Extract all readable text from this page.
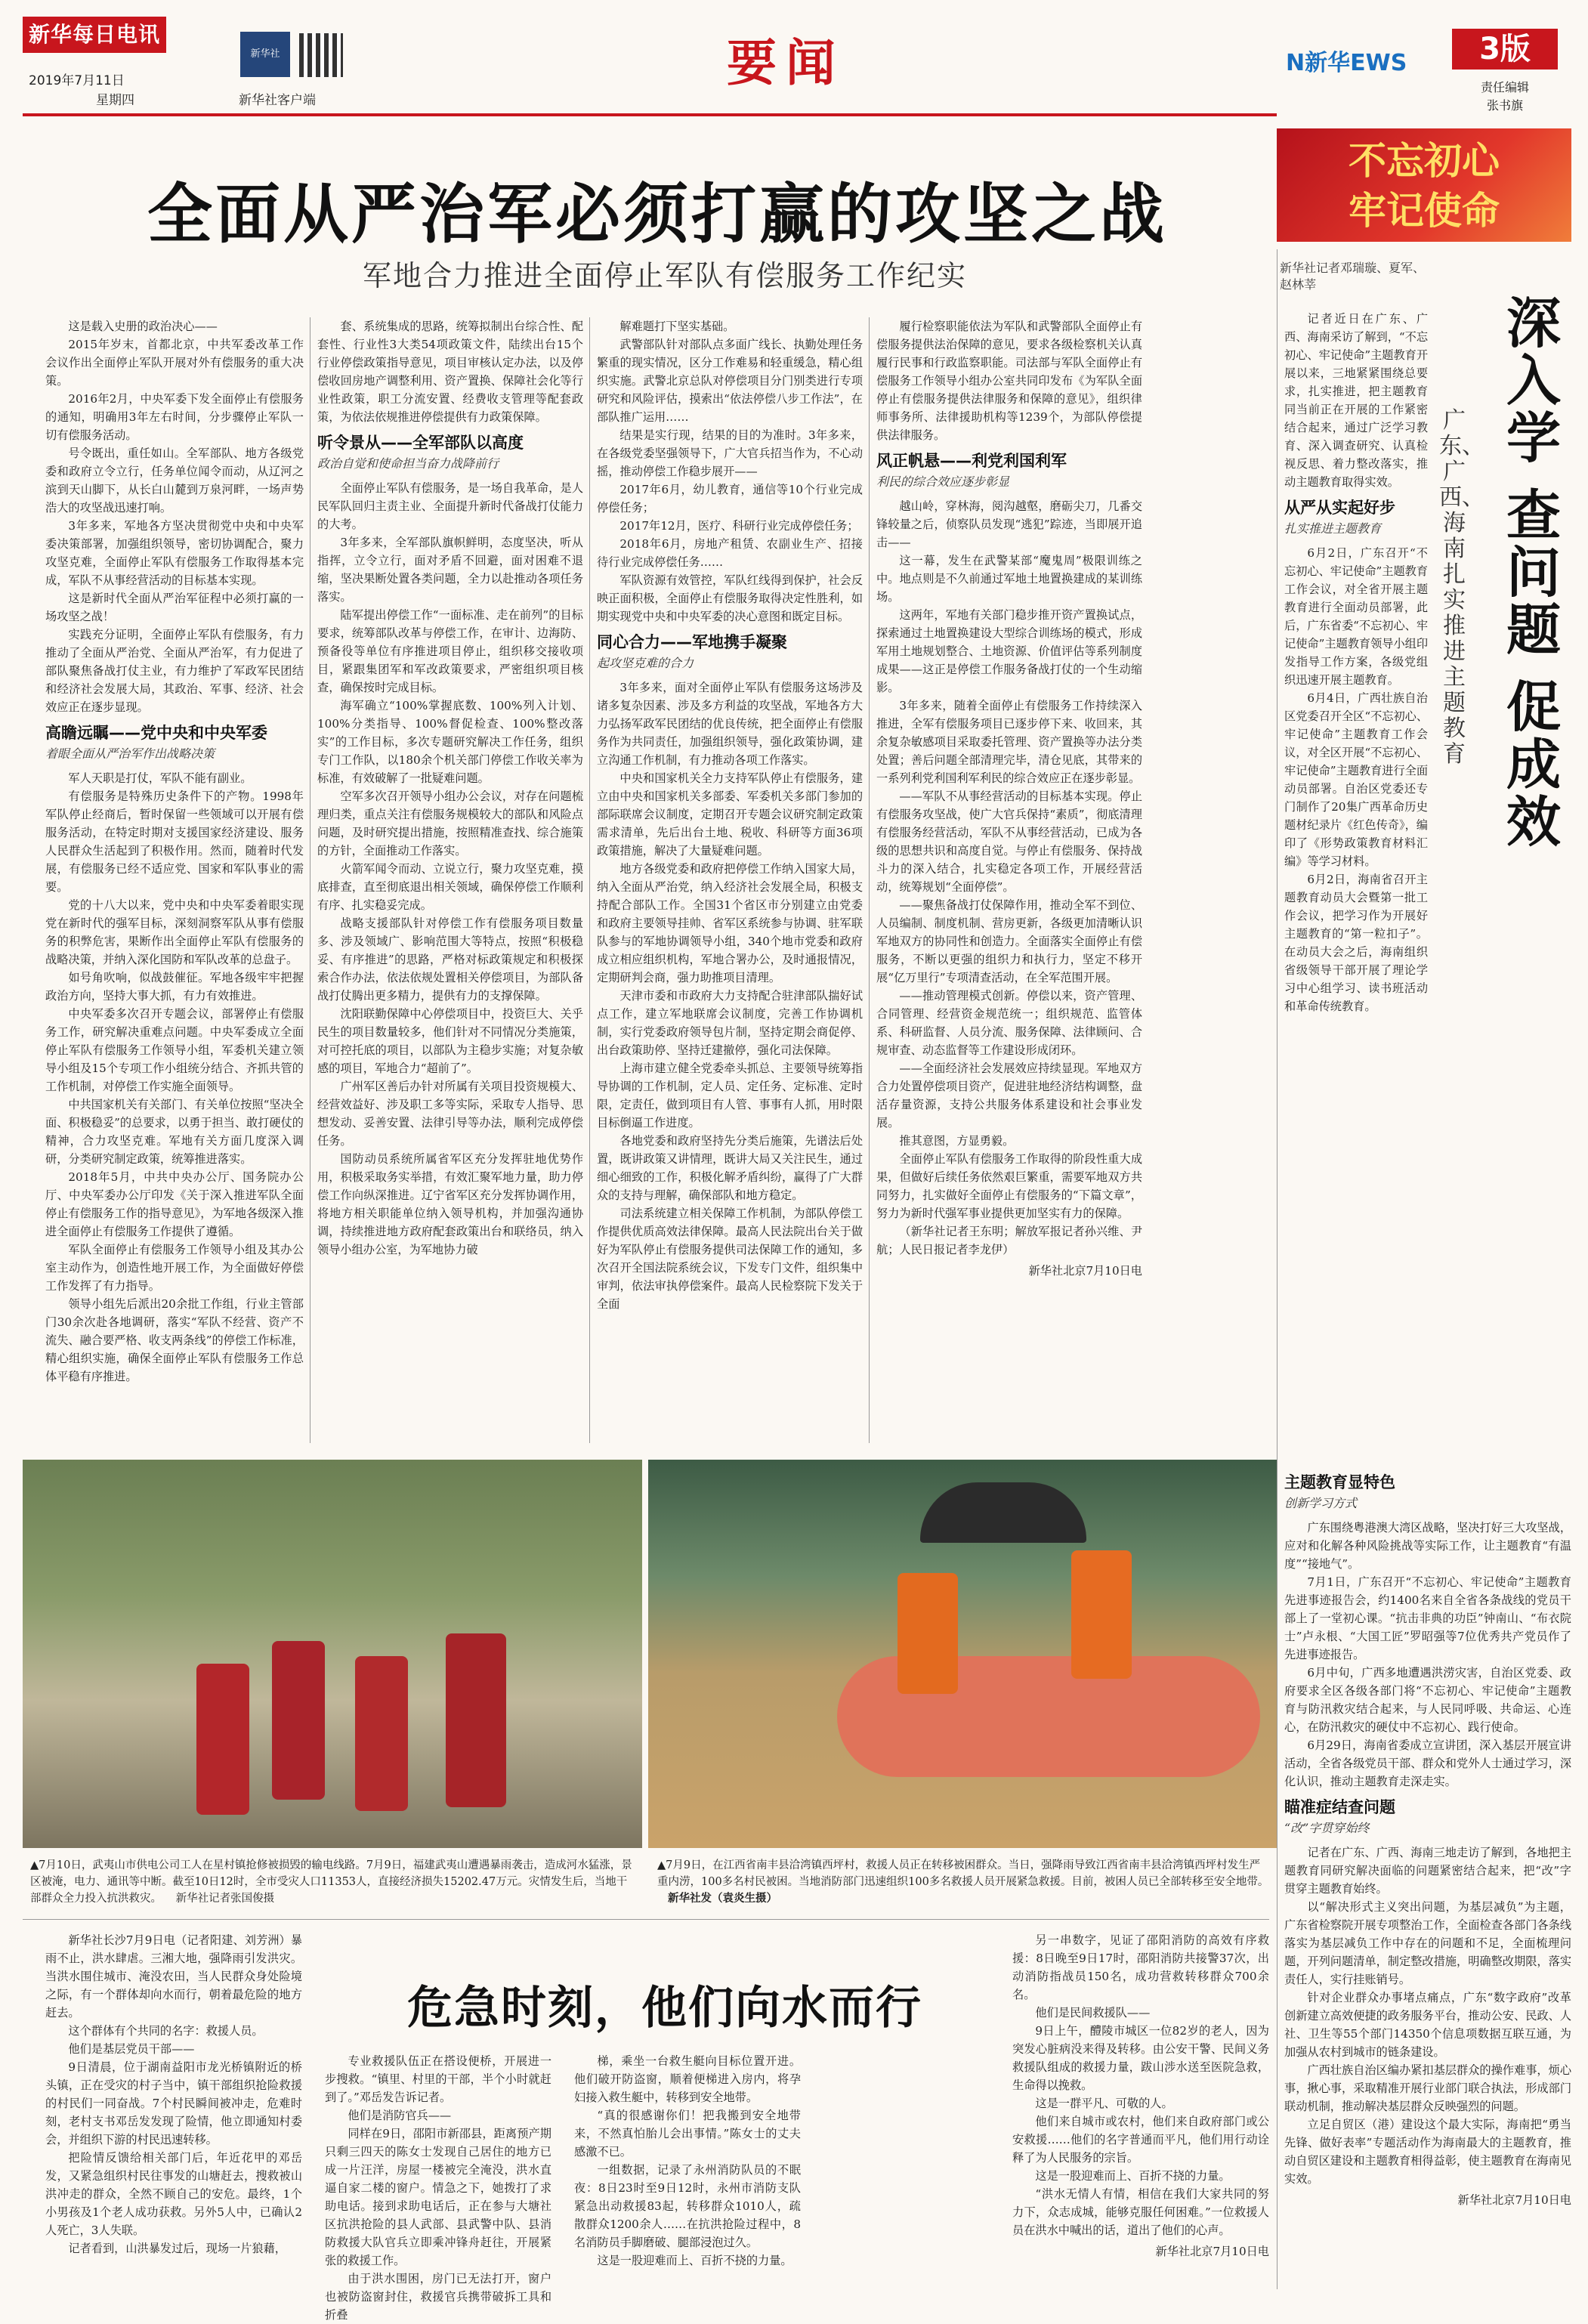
新华每日电讯
2019年7月11日
星期四
新华社
新华社客户端
要闻	N新华EWS	3版
责任编辑
张书旗
不忘初心
牢记使命
全面从严治军必须打赢的攻坚之战
军地合力推进全面停止军队有偿服务工作纪实

这是载入史册的政治决心——

2015年岁末，首都北京，中共军委改革工作会议作出全面停止军队开展对外有偿服务的重大决策。

2016年2月，中央军委下发全面停止有偿服务的通知，明确用3年左右时间，分步骤停止军队一切有偿服务活动。

号令既出，重任如山。全军部队、地方各级党委和政府立令立行，任务单位闻令而动，从辽河之滨到天山脚下，从长白山麓到万泉河畔，一场声势浩大的攻坚战迅速打响。

3年多来，军地各方坚决贯彻党中央和中央军委决策部署，加强组织领导，密切协调配合，聚力攻坚克难，全面停止军队有偿服务工作取得基本完成，军队不从事经营活动的目标基本实现。

这是新时代全面从严治军征程中必须打赢的一场攻坚之战！

实践充分证明，全面停止军队有偿服务，有力推动了全面从严治党、全面从严治军，有力促进了部队聚焦备战打仗主业，有力维护了军政军民团结和经济社会发展大局，其政治、军事、经济、社会效应正在逐步显现。

高瞻远瞩——党中央和中央军委
着眼全面从严治军作出战略决策

军人天职是打仗，军队不能有副业。

有偿服务是特殊历史条件下的产物。1998年军队停止经商后，暂时保留一些领域可以开展有偿服务活动，在特定时期对支援国家经济建设、服务人民群众生活起到了积极作用。然而，随着时代发展，有偿服务已经不适应党、国家和军队事业的需要。

党的十八大以来，党中央和中央军委着眼实现党在新时代的强军目标，深刻洞察军队从事有偿服务的积弊危害，果断作出全面停止军队有偿服务的战略决策，并纳入深化国防和军队改革的总盘子。

如号角吹响，似战鼓催征。军地各级牢牢把握政治方向，坚持大事大抓，有力有效推进。

中央军委多次召开专题会议，部署停止有偿服务工作，研究解决重难点问题。中央军委成立全面停止军队有偿服务工作领导小组，军委机关建立领导小组及15个专项工作小组统分结合、齐抓共管的工作机制，对停偿工作实施全面领导。

中共国家机关有关部门、有关单位按照“坚决全面、积极稳妥”的总要求，以勇于担当、敢打硬仗的精神，合力攻坚克难。军地有关方面几度深入调研，分类研究制定政策，统筹推进落实。

2018年5月，中共中央办公厅、国务院办公厅、中央军委办公厅印发《关于深入推进军队全面停止有偿服务工作的指导意见》，为军地各级深入推进全面停止有偿服务工作提供了遵循。

军队全面停止有偿服务工作领导小组及其办公室主动作为，创造性地开展工作，为全面做好停偿工作发挥了有力指导。

领导小组先后派出20余批工作组，行业主管部门30余次赴各地调研，落实“军队不经营、资产不流失、融合要严格、收支两条线”的停偿工作标准，精心组织实施，确保全面停止军队有偿服务工作总体平稳有序推进。

套、系统集成的思路，统筹拟制出台综合性、配套性、行业性3大类54项政策文件，陆续出台15个行业停偿政策指导意见，项目审核认定办法，以及停偿收回房地产调整利用、资产置换、保障社会化等行业性政策，职工分流安置、经费收支管理等配套政策，为依法依规推进停偿提供有力政策保障。

听令景从——全军部队以高度
政治自觉和使命担当奋力战降前行

全面停止军队有偿服务，是一场自我革命，是人民军队回归主责主业、全面提升新时代备战打仗能力的大考。

3年多来，全军部队旗帜鲜明，态度坚决，听从指挥，立令立行，面对矛盾不回避，面对困难不退缩，坚决果断处置各类问题，全力以赴推动各项任务落实。

陆军提出停偿工作“一面标准、走在前列”的目标要求，统筹部队改革与停偿工作，在审计、边海防、预备役等单位有序推进项目停止，组织移交接收项目，紧跟集团军和军改政策要求，严密组织项目核查，确保按时完成目标。

海军确立“100%掌握底数、100%列入计划、100%分类指导、100%督促检查、100%整改落实”的工作目标，多次专题研究解决工作任务，组织专门工作队，以180余个机关部门停偿工作收关率为标准，有效破解了一批疑难问题。

空军多次召开领导小组办公会议，对存在问题梳理归类，重点关注有偿服务规模较大的部队和风险点问题，及时研究提出措施，按照精准查找、综合施策的方针，全面推动工作落实。

火箭军闻令而动、立说立行，聚力攻坚克难，摸底排查，直至彻底退出相关领域，确保停偿工作顺利有序、扎实稳妥完成。

战略支援部队针对停偿工作有偿服务项目数量多、涉及领域广、影响范围大等特点，按照“积极稳妥、有序推进”的思路，严格对标政策规定和积极探索合作办法，依法依规处置相关停偿项目，为部队备战打仗腾出更多精力，提供有力的支撑保障。

沈阳联勤保障中心停偿项目中，投资巨大、关乎民生的项目数量较多，他们针对不同情况分类施策，对可控托底的项目，以部队为主稳步实施；对复杂敏感的项目，军地合力“超前了”。

广州军区善后办针对所属有关项目投资规模大、经营效益好、涉及职工多等实际，采取专人指导、思想发动、妥善安置、法律引导等办法，顺利完成停偿任务。

国防动员系统所属省军区充分发挥驻地优势作用，积极采取务实举措，有效汇聚军地力量，助力停偿工作向纵深推进。辽宁省军区充分发挥协调作用，将地方相关职能单位纳入领导机构，并加强沟通协调，持续推进地方政府配套政策出台和联络员，纳入领导小组办公室，为军地协力破

解难题打下坚实基础。

武警部队针对部队点多面广线长、执勤处理任务繁重的现实情况，区分工作难易和轻重缓急，精心组织实施。武警北京总队对停偿项目分门别类进行专项研究和风险评估，摸索出“依法停偿八步工作法”，在部队推广运用……

结果是实行现，结果的目的为准时。3年多来，在各级党委坚强领导下，广大官兵招当作为，不心动摇，推动停偿工作稳步展开——

2017年6月，幼儿教育，通信等10个行业完成停偿任务；

2017年12月，医疗、科研行业完成停偿任务；

2018年6月，房地产租赁、农副业生产、招接待行业完成停偿任务……

军队资源有效管控，军队红线得到保护，社会反映正面积极，全面停止有偿服务取得决定性胜利，如期实现党中央和中央军委的决心意图和既定目标。

同心合力——军地携手凝聚
起攻坚克难的合力

3年多来，面对全面停止军队有偿服务这场涉及诸多复杂因素、涉及多方利益的攻坚战，军地各方大力弘扬军政军民团结的优良传统，把全面停止有偿服务作为共同责任，加强组织领导，强化政策协调，建立沟通工作机制，有力推动各项工作落实。

中央和国家机关全力支持军队停止有偿服务，建立由中央和国家机关多部委、军委机关多部门参加的部际联席会议制度，定期召开专题会议研究制定政策需求清单，先后出台土地、税收、科研等方面36项政策措施，解决了大量疑难问题。

地方各级党委和政府把停偿工作纳入国家大局，纳入全面从严治党，纳入经济社会发展全局，积极支持配合部队工作。全国31个省区市分别建立由党委和政府主要领导挂帅、省军区系统参与协调、驻军联队参与的军地协调领导小组，340个地市党委和政府成立相应组织机构，军地合署办公，及时通报情况，定期研判会商，强力助推项目清理。

天津市委和市政府大力支持配合驻津部队揣好试点工作，建立军地联席会议制度，完善工作协调机制，实行党委政府领导包片制，坚持定期会商促停、出台政策助停、坚持迁建撤停，强化司法保障。

上海市建立健全党委牵头抓总、主要领导统筹指导协调的工作机制，定人员、定任务、定标准、定时限，定责任，做到项目有人管、事事有人抓，用时限目标倒逼工作进度。

各地党委和政府坚持先分类后施策，先谱法后处置，既讲政策又讲情理，既讲大局又关注民生，通过细心细致的工作，积极化解矛盾纠纷，赢得了广大群众的支持与理解，确保部队和地方稳定。

司法系统建立相关保障工作机制，为部队停偿工作提供优质高效法律保障。最高人民法院出台关于做好为军队停止有偿服务提供司法保障工作的通知，多次召开全国法院系统会议，下发专门文件，组织集中审判，依法审执停偿案件。最高人民检察院下发关于全面

履行检察职能依法为军队和武警部队全面停止有偿服务提供法治保障的意见，要求各级检察机关认真履行民事和行政监察职能。司法部与军队全面停止有偿服务工作领导小组办公室共同印发布《为军队全面停止有偿服务提供法律服务和保障的意见》，组织律师事务所、法律援助机构等1239个，为部队停偿提供法律服务。

风正帆悬——利党利国利军
利民的综合效应逐步彰显

越山岭，穿林海，阅沟越壑，磨砺尖刀，几番交锋较量之后，侦察队员发现“逃犯”踪迹，当即展开追击——

这一幕，发生在武警某部“魔鬼周”极限训练之中。地点则是不久前通过军地土地置换建成的某训练场。

这两年，军地有关部门稳步推开资产置换试点，探索通过土地置换建设大型综合训练场的模式，形成军用土地规划整合、土地资源、价值评估等系列制度成果——这正是停偿工作服务备战打仗的一个生动缩影。

3年多来，随着全面停止有偿服务工作持续深入推进，全军有偿服务项目已逐步停下来、收回来，其余复杂敏感项目采取委托管理、资产置换等办法分类处置；善后问题全部清理完毕，清仓见底，其带来的一系列利党利国利军利民的综合效应正在逐步彰显。

——军队不从事经营活动的目标基本实现。停止有偿服务攻坚战，使广大官兵保持“素质”，彻底清理有偿服务经营活动，军队不从事经营活动，已成为各级的思想共识和高度自觉。与停止有偿服务、保持战斗力的深入结合，扎实稳定各项工作，开展经营活动，统筹规划“全面停偿”。

——聚焦备战打仗保障作用，推动全军不到位、人员编制、制度机制、营房更新，各级更加清晰认识军地双方的协同性和创造力。全面落实全面停止有偿服务，不断以更强的组织力和执行力，坚定不移开展“亿万里行”专项清查活动，在全军范围开展。

——推动管理模式创新。停偿以来，资产管理、合同管理、经营资金规范统一；组织规范、监管体系、科研监督、人员分流、服务保障、法律顾问、合规审查、动态监督等工作建设形成闭环。

——全面经济社会发展效应持续显现。军地双方合力处置停偿项目资产，促进驻地经济结构调整，盘活存量资源，支持公共服务体系建设和社会事业发展。

推其意图，方显勇毅。

全面停止军队有偿服务工作取得的阶段性重大成果，但做好后续任务依然艰巨繁重，需要军地双方共同努力，扎实做好全面停止有偿服务的“下篇文章”，努力为新时代强军事业提供更加坚实有力的保障。

（新华社记者王东明；解放军报记者孙兴维、尹航；人民日报记者李龙伊）

新华社北京7月10日电

新华社记者邓瑞璇、夏军、赵林莘
深
入
学
查
问
题
促
成
效
广东、广西、海南扎实推进主题教育

记者近日在广东、广西、海南采访了解到，“不忘初心、牢记使命”主题教育开展以来，三地紧紧围绕总要求，扎实推进，把主题教育同当前正在开展的工作紧密结合起来，通过广泛学习教育、深入调查研究、认真检视反思、着力整改落实，推动主题教育取得实效。

从严从实起好步
扎实推进主题教育

6月2日，广东召开“不忘初心、牢记使命”主题教育工作会议，对全省开展主题教育进行全面动员部署，此后，广东省委“不忘初心、牢记使命”主题教育领导小组印发指导工作方案，各级党组织迅速开展主题教育。

6月4日，广西壮族自治区党委召开全区“不忘初心、牢记使命”主题教育工作会议，对全区开展“不忘初心、牢记使命”主题教育进行全面动员部署。自治区党委还专门制作了20集广西革命历史题材纪录片《红色传奇》，编印了《形势政策教育材料汇编》等学习材料。

6月2日，海南省召开主题教育动员大会暨第一批工作会议，把学习作为开展好主题教育的“第一粒扣子”。在动员大会之后，海南组织省级领导干部开展了理论学习中心组学习、读书班活动和革命传统教育。

主题教育显特色
创新学习方式

广东围绕粤港澳大湾区战略，坚决打好三大攻坚战，应对和化解各种风险挑战等实际工作，让主题教育“有温度”“接地气”。

7月1日，广东召开“不忘初心、牢记使命”主题教育先进事迹报告会，约1400名来自全省各条战线的党员干部上了一堂初心课。“抗击非典的功臣”钟南山、“布衣院士”卢永根、“大国工匠”罗昭强等7位优秀共产党员作了先进事迹报告。

6月中旬，广西多地遭遇洪涝灾害，自治区党委、政府要求全区各级各部门将“不忘初心、牢记使命”主题教育与防汛救灾结合起来，与人民同呼吸、共命运、心连心，在防汛救灾的硬仗中不忘初心、践行使命。

6月29日，海南省委成立宣讲团，深入基层开展宣讲活动，全省各级党员干部、群众和党外人士通过学习，深化认识，推动主题教育走深走实。

瞄准症结查问题
“改”字贯穿始终

记者在广东、广西、海南三地走访了解到，各地把主题教育同研究解决面临的问题紧密结合起来，把“改”字贯穿主题教育始终。

以“解决形式主义突出问题，为基层减负”为主题，广东省检察院开展专项整治工作，全面检查各部门各条线落实为基层减负工作中存在的问题和不足，全面梳理问题，开列问题清单，制定整改措施，明确整改期限，落实责任人，实行挂账销号。

针对企业群众办事堵点痛点，广东“数字政府”改革创新建立高效便捷的政务服务平台，推动公安、民政、人社、卫生等55个部门14350个信息项数据互联互通，为加强从农村到城市的链条建设。

广西壮族自治区编办紧扣基层群众的操作难事，烦心事，揪心事，采取精准开展行业部门联合执法，形成部门联动机制，推动解决基层群众反映强烈的问题。

立足自贸区（港）建设这个最大实际，海南把“勇当先锋、做好表率”专题活动作为海南最大的主题教育，推动自贸区建设和主题教育相得益彰，使主题教育在海南见实效。

新华社北京7月10日电

▲7月10日，武夷山市供电公司工人在星村镇抢修被损毁的输电线路。7月9日，福建武夷山遭遇暴雨袭击，造成河水猛涨，景区被淹，电力、通讯等中断。截至10日12时，全市受灾人口11353人，直接经济损失15202.47万元。灾情发生后，当地干部群众全力投入抗洪救灾。 新华社记者张国俊摄
▲7月9日，在江西省南丰县洽湾镇西坪村，救援人员正在转移被困群众。当日，强降雨导致江西省南丰县洽湾镇西坪村发生严重内涝，100多名村民被困。当地消防部门迅速组织100多名救援人员开展紧急救援。目前，被困人员已全部转移至安全地带。 新华社发（袁炎生摄）
危急时刻，他们向水而行

新华社长沙7月9日电（记者阳建、刘芳洲）暴雨不止，洪水肆虐。三湘大地，强降雨引发洪灾。当洪水围住城市、淹没农田，当人民群众身处险境之际，有一个群体却向水而行，朝着最危险的地方赶去。

这个群体有个共同的名字：救援人员。

他们是基层党员干部——

9日清晨，位于湖南益阳市龙光桥镇附近的桥头镇，正在受灾的村子当中，镇干部组织抢险救援的村民们一同奋战。7个村民瞬间被冲走，危难时刻，老村支书邓岳发发现了险情，他立即通知村委会，并组织下游的村民迅速转移。

把险情反馈给相关部门后，年近花甲的邓岳发，又紧急组织村民往事发的山塘赶去，搜救被山洪冲走的群众，全然不顾自己的安危。最终，1个小男孩及1个老人成功获救。另外5人中，已确认2人死亡，3人失联。

记者看到，山洪暴发过后，现场一片狼藉，

专业救援队伍正在搭设便桥，开展进一步搜救。“镇里、村里的干部，半个小时就赶到了。”邓岳发告诉记者。

他们是消防官兵——

同样在9日，邵阳市新邵县，距离预产期只剩三四天的陈女士发现自己居住的地方已成一片汪洋，房屋一楼被完全淹没，洪水直逼自家二楼的窗户。情急之下，她拨打了求助电话。接到求助电话后，正在参与大塘社区抗洪抢险的县人武部、县武警中队、县消防救援大队官兵立即乘冲锋舟赶往，开展紧张的救援工作。

由于洪水围困，房门已无法打开，窗户也被防盗窗封住，救援官兵携带破拆工具和折叠

梯，乘坐一台救生艇向目标位置开进。他们破开防盗窗，顺着便梯进入房内，将孕妇接入救生艇中，转移到安全地带。

“真的很感谢你们！把我搬到安全地带来，不然真怕胎儿会出事情。”陈女士的丈夫感激不已。

一组数据，记录了永州消防队员的不眠夜：8日23时至9日12时，永州市消防支队紧急出动救援83起，转移群众1010人，疏散群众1200余人……在抗洪抢险过程中，8名消防员手脚磨破、腿部浸泡过久。

这是一股迎难而上、百折不挠的力量。

另一串数字，见证了邵阳消防的高效有序救援：8日晚至9日17时，邵阳消防共接警37次，出动消防指战员150名，成功营救转移群众700余名。

他们是民间救援队——

9日上午，醴陵市城区一位82岁的老人，因为突发心脏病没来得及转移。由公安干警、民间义务救援队组成的救援力量，跋山涉水送至医院急救，生命得以挽救。

这是一群平凡、可敬的人。

他们来自城市或农村，他们来自政府部门或公安救援……他们的名字普通而平凡，他们用行动诠释了为人民服务的宗旨。

这是一股迎难而上、百折不挠的力量。

“洪水无情人有情，相信在我们大家共同的努力下，众志成城，能够克服任何困难。”一位救援人员在洪水中喊出的话，道出了他们的心声。

新华社北京7月10日电
